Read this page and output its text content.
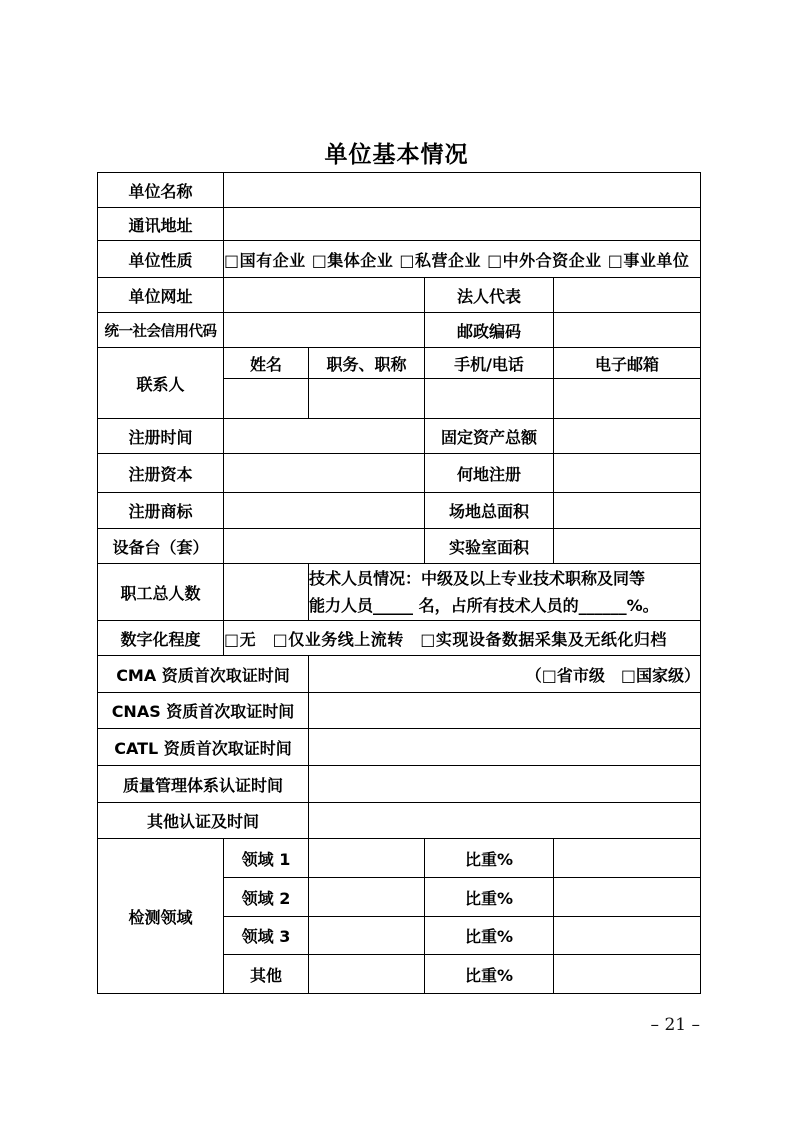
单位基本情况
单位名称				
通讯地址				
单位性质	□国有企业 □集体企业 □私营企业 □中外合资企业 □事业单位			
单位网址			法人代表	
统一社会信用代码			邮政编码	
联系人	姓名	职务、职称	手机/电话	电子邮箱

注册时间			固定资产总额	
注册资本			何地注册	
注册商标			场地总面积	
设备台（套）			实验室面积	
职工总人数		技术人员情况：中级及以上专业技术职称及同等
能力人员_____ 名，占所有技术人员的______%。		

数字化程度	□无　□仅业务线上流转　□实现设备数据采集及无纸化归档			
CMA 资质首次取证时间		（□省市级　□国家级）		
CNAS 资质首次取证时间				
CATL 资质首次取证时间				
质量管理体系认证时间				
其他认证及时间				
检测领域	领域 1		比重%	
	领域 2		比重%	
	领域 3		比重%	
	其他		比重%	
– 21 –
